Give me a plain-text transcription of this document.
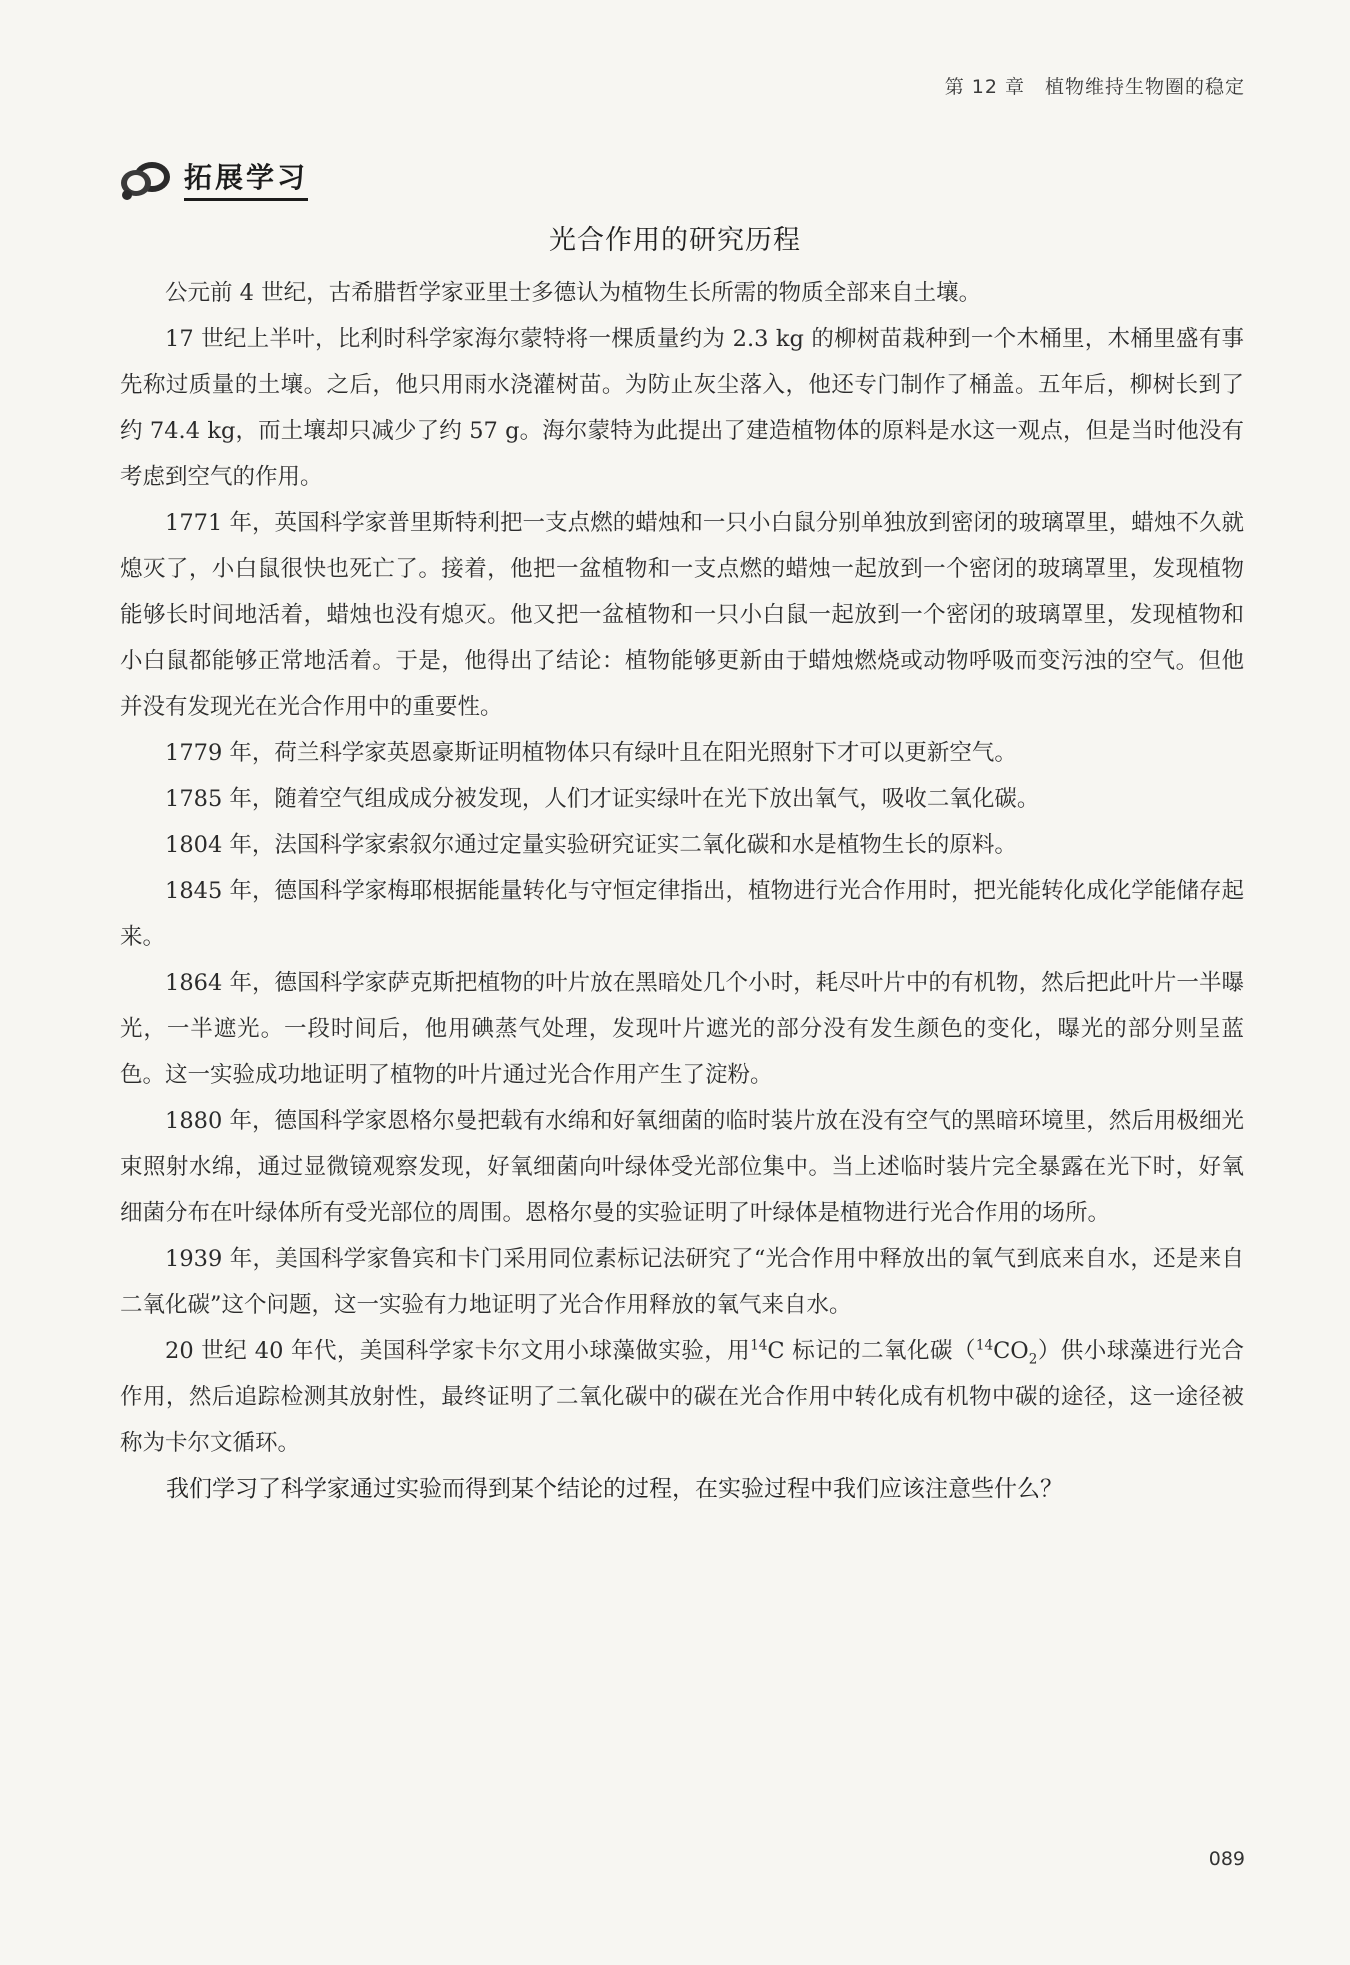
第 12 章　植物维持生物圈的稳定
拓展学习
光合作用的研究历程

公元前 4 世纪，古希腊哲学家亚里士多德认为植物生长所需的物质全部来自土壤。

17 世纪上半叶，比利时科学家海尔蒙特将一棵质量约为 2.3 kg 的柳树苗栽种到一个木桶里，木桶里盛有事先称过质量的土壤。之后，他只用雨水浇灌树苗。为防止灰尘落入，他还专门制作了桶盖。五年后，柳树长到了约 74.4 kg，而土壤却只减少了约 57 g。海尔蒙特为此提出了建造植物体的原料是水这一观点，但是当时他没有考虑到空气的作用。

1771 年，英国科学家普里斯特利把一支点燃的蜡烛和一只小白鼠分别单独放到密闭的玻璃罩里，蜡烛不久就熄灭了，小白鼠很快也死亡了。接着，他把一盆植物和一支点燃的蜡烛一起放到一个密闭的玻璃罩里，发现植物能够长时间地活着，蜡烛也没有熄灭。他又把一盆植物和一只小白鼠一起放到一个密闭的玻璃罩里，发现植物和小白鼠都能够正常地活着。于是，他得出了结论：植物能够更新由于蜡烛燃烧或动物呼吸而变污浊的空气。但他并没有发现光在光合作用中的重要性。

1779 年，荷兰科学家英恩豪斯证明植物体只有绿叶且在阳光照射下才可以更新空气。

1785 年，随着空气组成成分被发现，人们才证实绿叶在光下放出氧气，吸收二氧化碳。

1804 年，法国科学家索叙尔通过定量实验研究证实二氧化碳和水是植物生长的原料。

1845 年，德国科学家梅耶根据能量转化与守恒定律指出，植物进行光合作用时，把光能转化成化学能储存起来。

1864 年，德国科学家萨克斯把植物的叶片放在黑暗处几个小时，耗尽叶片中的有机物，然后把此叶片一半曝光，一半遮光。一段时间后，他用碘蒸气处理，发现叶片遮光的部分没有发生颜色的变化，曝光的部分则呈蓝色。这一实验成功地证明了植物的叶片通过光合作用产生了淀粉。

1880 年，德国科学家恩格尔曼把载有水绵和好氧细菌的临时装片放在没有空气的黑暗环境里，然后用极细光束照射水绵，通过显微镜观察发现，好氧细菌向叶绿体受光部位集中。当上述临时装片完全暴露在光下时，好氧细菌分布在叶绿体所有受光部位的周围。恩格尔曼的实验证明了叶绿体是植物进行光合作用的场所。

1939 年，美国科学家鲁宾和卡门采用同位素标记法研究了“光合作用中释放出的氧气到底来自水，还是来自二氧化碳”这个问题，这一实验有力地证明了光合作用释放的氧气来自水。

20 世纪 40 年代，美国科学家卡尔文用小球藻做实验，用$^{14}$C 标记的二氧化碳$(^{14}CO_2)$供小球藻进行光合作用，然后追踪检测其放射性，最终证明了二氧化碳中的碳在光合作用中转化成有机物中碳的途径，这一途径被称为卡尔文循环。

我们学习了科学家通过实验而得到某个结论的过程，在实验过程中我们应该注意些什么？

089
